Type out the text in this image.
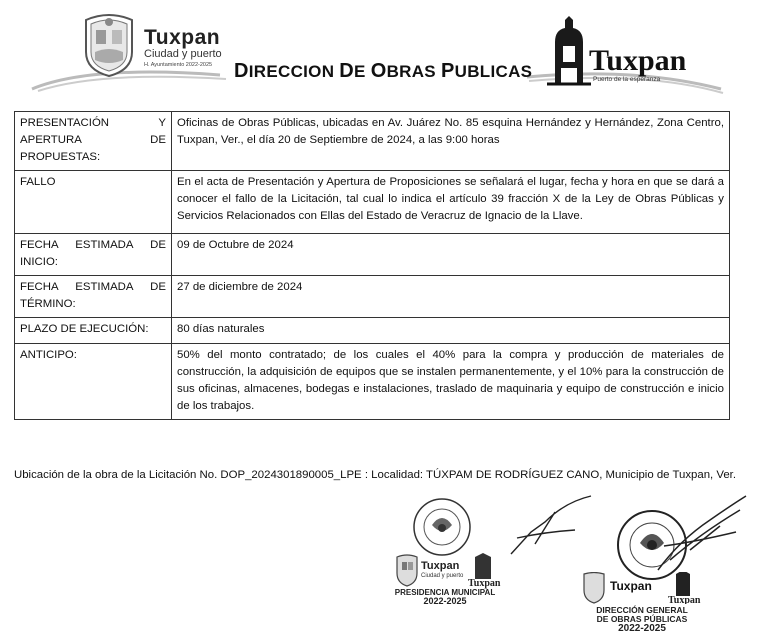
Tuxpan
Ciudad y puerto
H. Ayuntamiento 2022-2025	DIRECCION DE OBRAS PUBLICAS Tuxpan
Puerto de la esperanza
PRESENTACIÓN Y APERTURA DE PROPUESTAS:	Oficinas de Obras Públicas, ubicadas en Av. Juárez No. 85 esquina Hernández y Hernández, Zona Centro, Tuxpan, Ver., el día 20 de Septiembre de 2024, a las 9:00 horas
FALLO	En el acta de Presentación y Apertura de Proposiciones se señalará el lugar, fecha y hora en que se dará a conocer el fallo de la Licitación, tal cual lo indica el artículo 39 fracción X de la Ley de Obras Públicas y Servicios Relacionados con Ellas del Estado de Veracruz de Ignacio de la Llave.
FECHA ESTIMADA DE INICIO:	09 de Octubre de 2024
FECHA ESTIMADA DE TÉRMINO:	27 de diciembre de 2024
PLAZO DE EJECUCIÓN:	80 días naturales
ANTICIPO:	50% del monto contratado; de los cuales el 40% para la compra y producción de materiales de construcción, la adquisición de equipos que se instalen permanentemente, y el 10% para la construcción de sus oficinas, almacenes, bodegas e instalaciones, traslado de maquinaria y equipo de construcción e inicio de los trabajos.
Ubicación de la obra de la Licitación No. DOP_2024301890005_LPE : Localidad: TÚXPAM DE RODRÍGUEZ CANO, Municipio de Tuxpan, Ver.
Tuxpan
Ciudad y puerto
Tuxpan
PRESIDENCIA MUNICIPAL
2022-2025
Tuxpan
Tuxpan
DIRECCIÓN GENERAL
DE OBRAS PÚBLICAS
2022-2025
